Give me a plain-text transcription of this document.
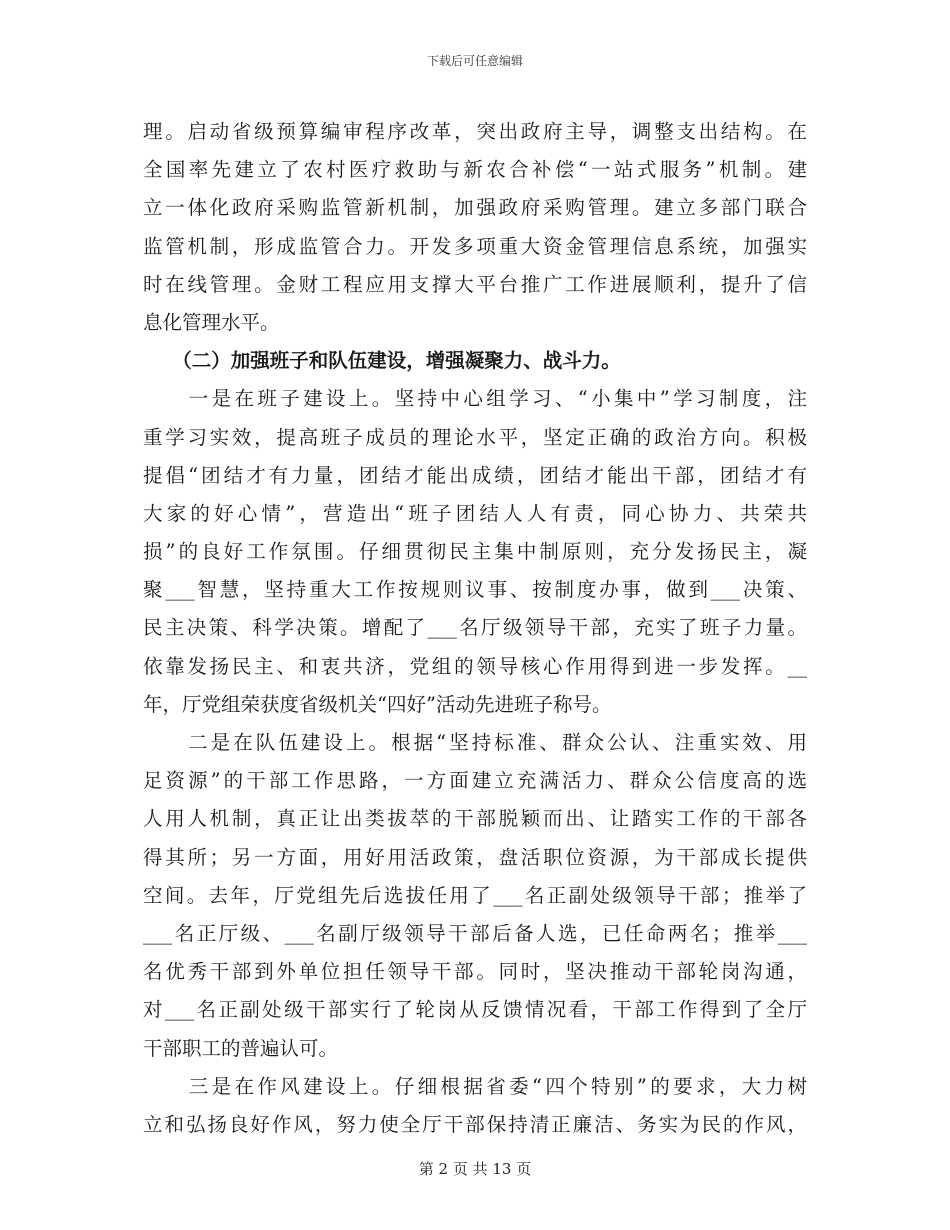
下载后可任意编辑
理。启动省级预算编审程序改革，突出政府主导，调整支出结构。在
全国率先建立了农村医疗救助与新农合补偿“一站式服务”机制。建
立一体化政府采购监管新机制，加强政府采购管理。建立多部门联合
监管机制，形成监管合力。开发多项重大资金管理信息系统，加强实
时在线管理。金财工程应用支撑大平台推广工作进展顺利，提升了信
息化管理水平。
　　（二）加强班子和队伍建设，增强凝聚力、战斗力。
　　一是在班子建设上。坚持中心组学习、“小集中”学习制度，注
重学习实效，提高班子成员的理论水平，坚定正确的政治方向。积极
提倡“团结才有力量，团结才能出成绩，团结才能出干部，团结才有
大家的好心情”，营造出“班子团结人人有责，同心协力、共荣共
损”的良好工作氛围。仔细贯彻民主集中制原则，充分发扬民主，凝
聚___智慧，坚持重大工作按规则议事、按制度办事，做到___决策、
民主决策、科学决策。增配了___名厅级领导干部，充实了班子力量。
依靠发扬民主、和衷共济，党组的领导核心作用得到进一步发挥。__
年，厅党组荣获度省级机关“四好”活动先进班子称号。
　　二是在队伍建设上。根据“坚持标准、群众公认、注重实效、用
足资源”的干部工作思路，一方面建立充满活力、群众公信度高的选
人用人机制，真正让出类拔萃的干部脱颖而出、让踏实工作的干部各
得其所；另一方面，用好用活政策，盘活职位资源，为干部成长提供
空间。去年，厅党组先后选拔任用了___名正副处级领导干部；推举了
___名正厅级、___名副厅级领导干部后备人选，已任命两名；推举___
名优秀干部到外单位担任领导干部。同时，坚决推动干部轮岗沟通，
对___名正副处级干部实行了轮岗从反馈情况看，干部工作得到了全厅
干部职工的普遍认可。
　　三是在作风建设上。仔细根据省委“四个特别”的要求，大力树
立和弘扬良好作风，努力使全厅干部保持清正廉洁、务实为民的作风，
第 2 页 共 13 页
